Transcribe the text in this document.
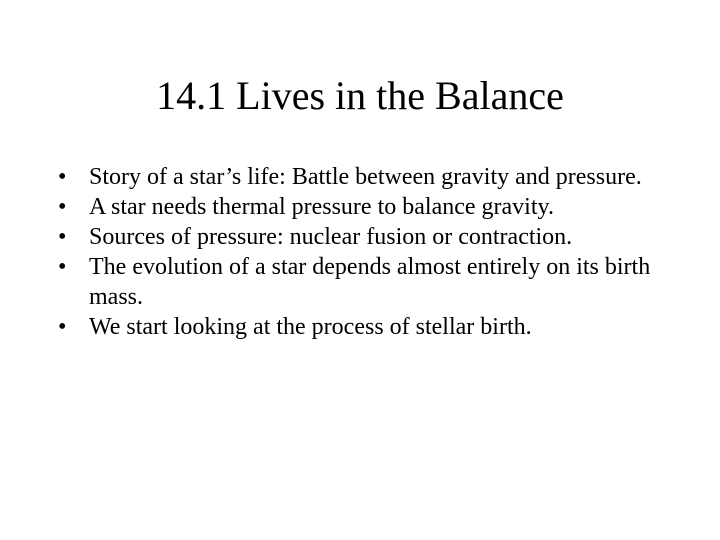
14.1 Lives in the Balance
• Story of a star’s life: Battle between gravity and pressure.
• A star needs thermal pressure to balance gravity.
• Sources of pressure: nuclear fusion or contraction.
• The evolution of a star depends almost entirely on its birth mass.
• We start looking at the process of stellar birth.
